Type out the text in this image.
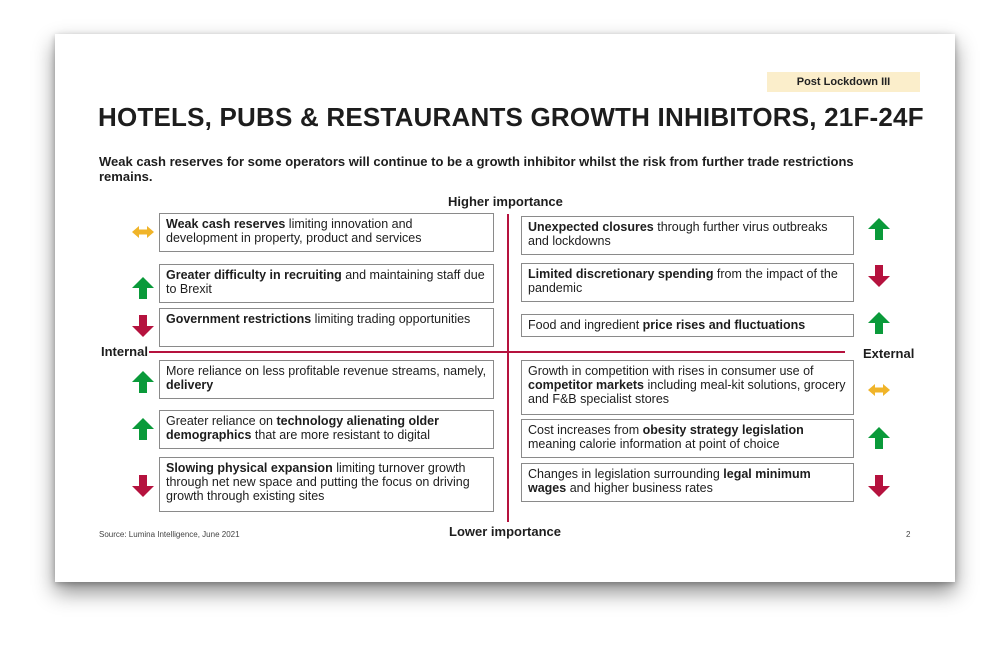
Post Lockdown III
HOTELS, PUBS & RESTAURANTS GROWTH INHIBITORS, 21F-24F
Weak cash reserves for some operators will continue to be a growth inhibitor whilst the risk from further trade restrictions remains.
Higher importance
Lower importance
Internal	External
Weak cash reserves limiting innovation and development in property, product and services
Greater difficulty in recruiting and maintaining staff due to Brexit
Government restrictions limiting trading opportunities
More reliance on less profitable revenue streams, namely, delivery
Greater reliance on technology alienating older demographics that are more resistant to digital
Slowing physical expansion limiting turnover growth through net new space and putting the focus on driving growth through existing sites
Unexpected closures through further virus outbreaks and lockdowns
Limited discretionary spending from the impact of the pandemic
Food and ingredient price rises and fluctuations
Growth in competition with rises in consumer use of competitor markets including meal-kit solutions, grocery and F&B specialist stores
Cost increases from obesity strategy legislation meaning calorie information at point of choice
Changes in legislation surrounding legal minimum wages and higher business rates
Source: Lumina Intelligence, June 2021	2
